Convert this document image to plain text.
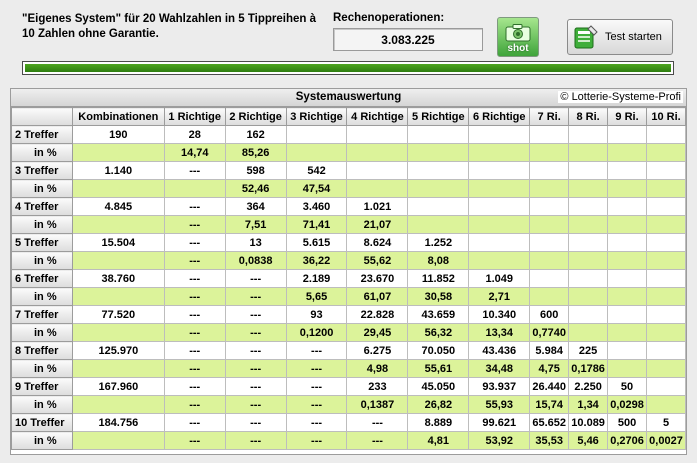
"Eigenes System" für 20 Wahlzahlen in 5 Tippreihen à 10 Zahlen ohne Garantie.
Rechenoperationen:
3.083.225
shot
Test starten
Systemauswertung	© Lotterie-Systeme-Profi
	Kombinationen	1 Richtige	2 Richtige	3 Richtige	4 Richtige	5 Richtige	6 Richtige	7 Ri.	8 Ri.	9 Ri.	10 Ri.
2 Treffer	190	28	162								
in %		14,74	85,26								
3 Treffer	1.140	---	598	542							
in %			52,46	47,54							
4 Treffer	4.845	---	364	3.460	1.021						
in %		---	7,51	71,41	21,07						
5 Treffer	15.504	---	13	5.615	8.624	1.252					
in %		---	0,0838	36,22	55,62	8,08					
6 Treffer	38.760	---	---	2.189	23.670	11.852	1.049				
in %		---	---	5,65	61,07	30,58	2,71				
7 Treffer	77.520	---	---	93	22.828	43.659	10.340	600			
in %		---	---	0,1200	29,45	56,32	13,34	0,7740			
8 Treffer	125.970	---	---	---	6.275	70.050	43.436	5.984	225		
in %		---	---	---	4,98	55,61	34,48	4,75	0,1786		
9 Treffer	167.960	---	---	---	233	45.050	93.937	26.440	2.250	50	
in %		---	---	---	0,1387	26,82	55,93	15,74	1,34	0,0298	
10 Treffer	184.756	---	---	---	---	8.889	99.621	65.652	10.089	500	5
in %		---	---	---	---	4,81	53,92	35,53	5,46	0,2706	0,0027
